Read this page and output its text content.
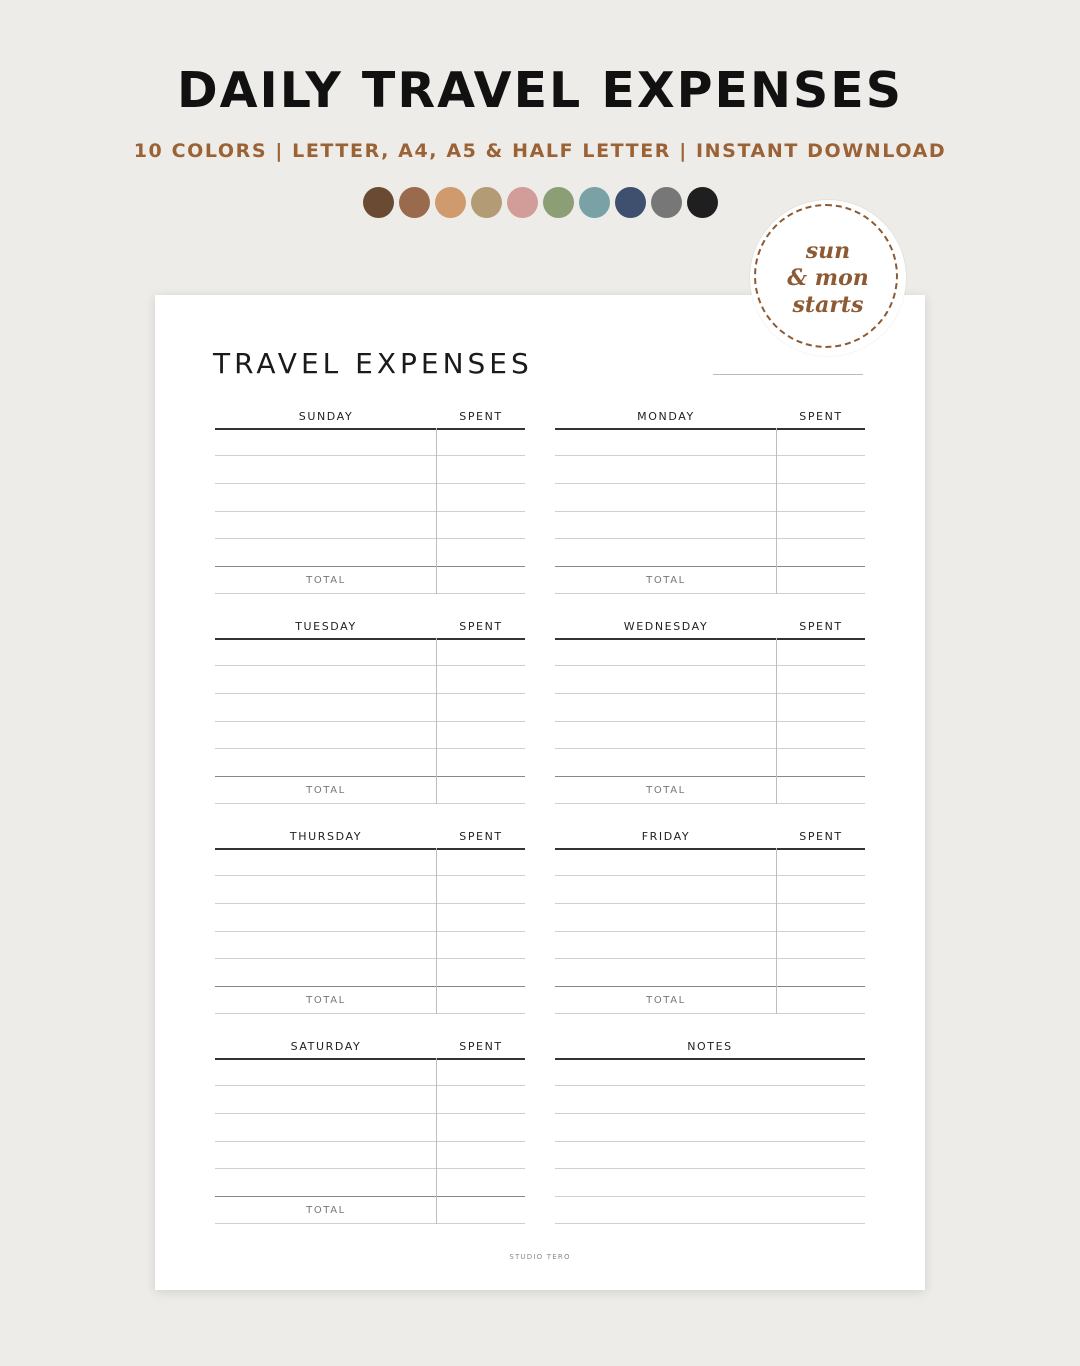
DAILY TRAVEL EXPENSES
10 COLORS | LETTER, A4, A5 & HALF LETTER | INSTANT DOWNLOAD
TRAVEL EXPENSES
SUNDAY	SPENT
TOTAL
MONDAY	SPENT
TOTAL
TUESDAY	SPENT
TOTAL
WEDNESDAY	SPENT
TOTAL
THURSDAY	SPENT
TOTAL
FRIDAY	SPENT
TOTAL
SATURDAY	SPENT
TOTAL
NOTES
STUDIO TERO
sun
& mon
starts
